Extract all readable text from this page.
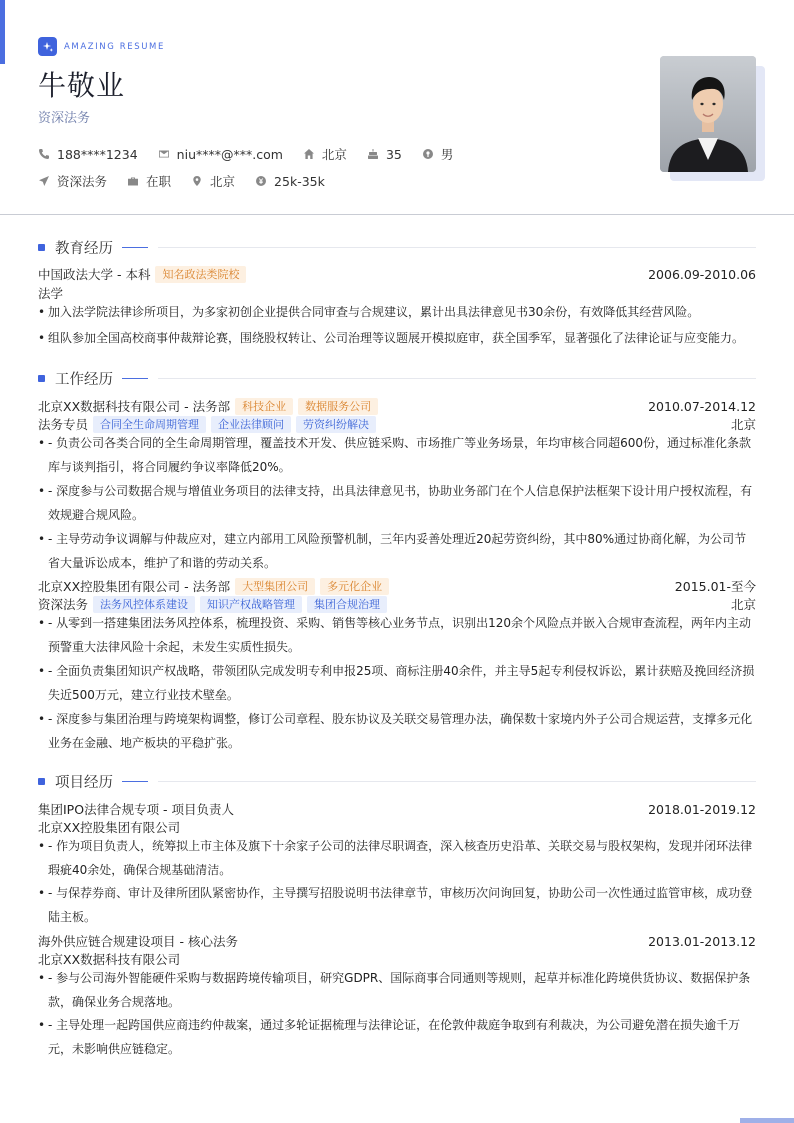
AMAZING RESUME
牛敬业
资深法务
188****1234	niu****@***.com	北京	35	男
资深法务	在职	北京	25k-35k
教育经历
中国政法大学 - 本科	知名政法类院校	2006.09-2010.06
法学
• 加入法学院法律诊所项目，为多家初创企业提供合同审查与合规建议，累计出具法律意见书30余份，有效降低其经营风险。
• 组队参加全国高校商事仲裁辩论赛，围绕股权转让、公司治理等议题展开模拟庭审，获全国季军，显著强化了法律论证与应变能力。
工作经历
北京XX数据科技有限公司 - 法务部	科技企业	数据服务公司	2010.07-2014.12
法务专员	合同全生命周期管理	企业法律顾问	劳资纠纷解决	北京
• - 负责公司各类合同的全生命周期管理，覆盖技术开发、供应链采购、市场推广等业务场景，年均审核合同超600份，通过标准化条款库与谈判指引，将合同履约争议率降低20%。
• - 深度参与公司数据合规与增值业务项目的法律支持，出具法律意见书，协助业务部门在个人信息保护法框架下设计用户授权流程，有效规避合规风险。
• - 主导劳动争议调解与仲裁应对，建立内部用工风险预警机制，三年内妥善处理近20起劳资纠纷，其中80%通过协商化解，为公司节省大量诉讼成本，维护了和谐的劳动关系。
北京XX控股集团有限公司 - 法务部	大型集团公司	多元化企业	2015.01-至今
资深法务	法务风控体系建设	知识产权战略管理	集团合规治理	北京
• - 从零到一搭建集团法务风控体系，梳理投资、采购、销售等核心业务节点，识别出120余个风险点并嵌入合规审查流程，两年内主动预警重大法律风险十余起，未发生实质性损失。
• - 全面负责集团知识产权战略，带领团队完成发明专利申报25项、商标注册40余件，并主导5起专利侵权诉讼，累计获赔及挽回经济损失近500万元，建立行业技术壁垒。
• - 深度参与集团治理与跨境架构调整，修订公司章程、股东协议及关联交易管理办法，确保数十家境内外子公司合规运营，支撑多元化业务在金融、地产板块的平稳扩张。
项目经历
集团IPO法律合规专项 - 项目负责人	2018.01-2019.12
北京XX控股集团有限公司
• - 作为项目负责人，统筹拟上市主体及旗下十余家子公司的法律尽职调查，深入核查历史沿革、关联交易与股权架构，发现并闭环法律瑕疵40余处，确保合规基础清洁。
• - 与保荐券商、审计及律所团队紧密协作，主导撰写招股说明书法律章节，审核历次问询回复，协助公司一次性通过监管审核，成功登陆主板。
海外供应链合规建设项目 - 核心法务	2013.01-2013.12
北京XX数据科技有限公司
• - 参与公司海外智能硬件采购与数据跨境传输项目，研究GDPR、国际商事合同通则等规则，起草并标准化跨境供货协议、数据保护条款，确保业务合规落地。
• - 主导处理一起跨国供应商违约仲裁案，通过多轮证据梳理与法律论证，在伦敦仲裁庭争取到有利裁决，为公司避免潜在损失逾千万元，未影响供应链稳定。
